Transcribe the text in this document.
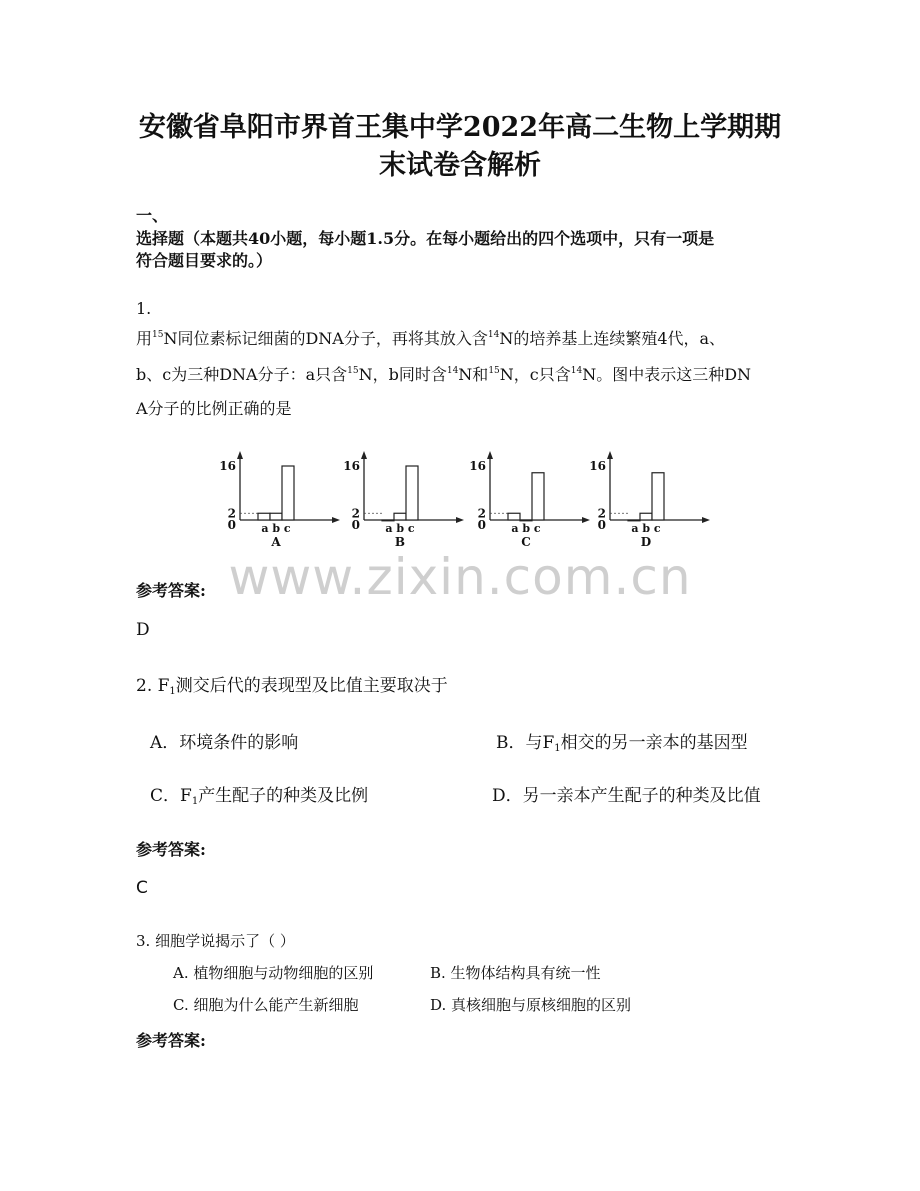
安徽省阜阳市界首王集中学2022年高二生物上学期期
末试卷含解析
一、
选择题（本题共40小题，每小题1.5分。在每小题给出的四个选项中，只有一项是
符合题目要求的。）
1.
用$^{15}$N同位素标记细菌的DNA分子，再将其放入含$^{14}$N的培养基上连续繁殖4代，a、
b、c为三种DNA分子：a只含$^{15}$N，b同时含$^{14}$N和$^{15}$N，c只含$^{14}$N。图中表示这三种DN
A分子的比例正确的是
16
2
0 a b c
A
16
2
0 a b c
B
16
2
0 a b c
C
16
2
0 a b c
D
www.zixin.com.cn
参考答案:
D
2. $F_1$测交后代的表现型及比值主要取决于
A．环境条件的影响	B．与$F_1$相交的另一亲本的基因型
C．$F_1$产生配子的种类及比例	D．另一亲本产生配子的种类及比值
参考答案:
C
3. 细胞学说揭示了（ ）
A. 植物细胞与动物细胞的区别	B. 生物体结构具有统一性
C. 细胞为什么能产生新细胞	D. 真核细胞与原核细胞的区别
参考答案:
